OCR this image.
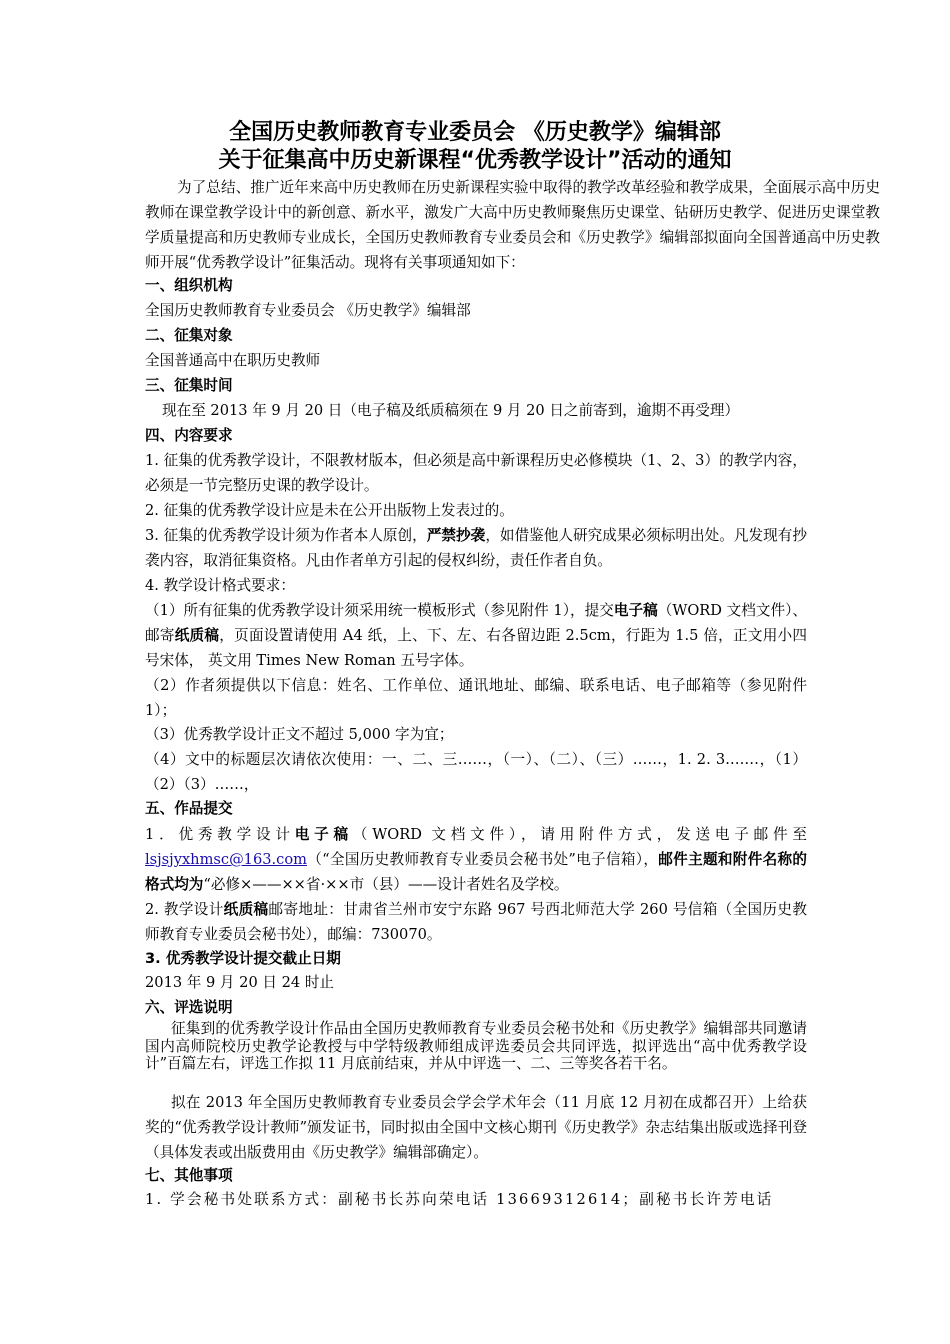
全国历史教师教育专业委员会 《历史教学》编辑部
关于征集高中历史新课程“优秀教学设计”活动的通知
为了总结、推广近年来高中历史教师在历史新课程实验中取得的教学改革经验和教学成果，全面展示高中历史教师在课堂教学设计中的新创意、新水平，激发广大高中历史教师聚焦历史课堂、钻研历史教学、促进历史课堂教学质量提高和历史教师专业成长，全国历史教师教育专业委员会和《历史教学》编辑部拟面向全国普通高中历史教师开展“优秀教学设计”征集活动。现将有关事项通知如下：
一、组织机构
全国历史教师教育专业委员会 《历史教学》编辑部
二、征集对象
全国普通高中在职历史教师
三、征集时间
现在至 2013 年 9 月 20 日（电子稿及纸质稿须在 9 月 20 日之前寄到，逾期不再受理）
四、内容要求
1. 征集的优秀教学设计，不限教材版本，但必须是高中新课程历史必修模块（1、2、3）的教学内容，必须是一节完整历史课的教学设计。
2. 征集的优秀教学设计应是未在公开出版物上发表过的。
3. 征集的优秀教学设计须为作者本人原创，严禁抄袭，如借鉴他人研究成果必须标明出处。凡发现有抄袭内容，取消征集资格。凡由作者单方引起的侵权纠纷，责任作者自负。
4. 教学设计格式要求：
（1）所有征集的优秀教学设计须采用统一模板形式（参见附件 1），提交电子稿（WORD 文档文件）、邮寄纸质稿，页面设置请使用 A4 纸，上、下、左、右各留边距 2.5cm，行距为 1.5 倍，正文用小四号宋体， 英文用 Times New Roman 五号字体。
（2）作者须提供以下信息：姓名、工作单位、通讯地址、邮编、联系电话、电子邮箱等（参见附件 1）；
（3）优秀教学设计正文不超过 5,000 字为宜；
（4）文中的标题层次请依次使用：一、二、三……，（一）、（二）、（三）……，1. 2. 3.……，（1）（2）（3）……，
五、作品提交
1．优秀教学设计电子稿（WORD 文档文件），请用附件方式，发送电子邮件至lsjsjyxhmsc@163.com（“全国历史教师教育专业委员会秘书处”电子信箱），邮件主题和附件名称的格式均为“必修×——××省·××市（县）——设计者姓名及学校。
2. 教学设计纸质稿邮寄地址：甘肃省兰州市安宁东路 967 号西北师范大学 260 号信箱（全国历史教师教育专业委员会秘书处），邮编：730070。
3. 优秀教学设计提交截止日期
2013 年 9 月 20 日 24 时止
六、评选说明
征集到的优秀教学设计作品由全国历史教师教育专业委员会秘书处和《历史教学》编辑部共同邀请国内高师院校历史教学论教授与中学特级教师组成评选委员会共同评选，拟评选出“高中优秀教学设计”百篇左右，评选工作拟 11 月底前结束，并从中评选一、二、三等奖各若干名。
拟在 2013 年全国历史教师教育专业委员会学会学术年会（11 月底 12 月初在成都召开）上给获奖的“优秀教学设计教师”颁发证书，同时拟由全国中文核心期刊《历史教学》杂志结集出版或选择刊登（具体发表或出版费用由《历史教学》编辑部确定）。
七、其他事项
1. 学会秘书处联系方式：副秘书长苏向荣电话 13669312614；副秘书长许芳电话
